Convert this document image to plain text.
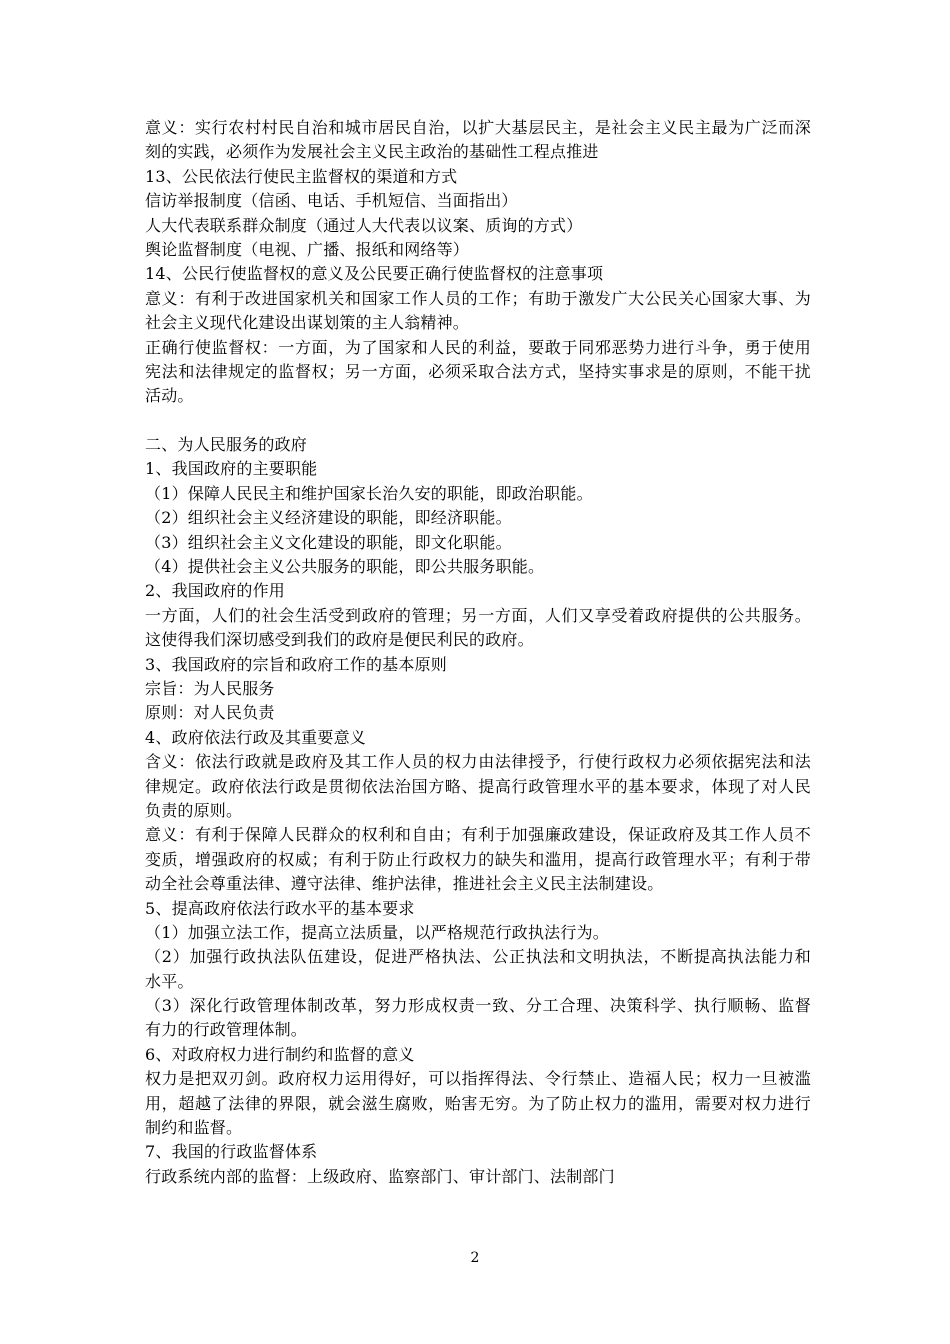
意义：实行农村村民自治和城市居民自治，以扩大基层民主，是社会主义民主最为广泛而深
刻的实践，必须作为发展社会主义民主政治的基础性工程点推进
13、公民依法行使民主监督权的渠道和方式
信访举报制度（信函、电话、手机短信、当面指出）
人大代表联系群众制度（通过人大代表以议案、质询的方式）
舆论监督制度（电视、广播、报纸和网络等）
14、公民行使监督权的意义及公民要正确行使监督权的注意事项
意义：有利于改进国家机关和国家工作人员的工作；有助于激发广大公民关心国家大事、为
社会主义现代化建设出谋划策的主人翁精神。
正确行使监督权：一方面，为了国家和人民的利益，要敢于同邪恶势力进行斗争，勇于使用
宪法和法律规定的监督权；另一方面，必须采取合法方式，坚持实事求是的原则，不能干扰
活动。
二、为人民服务的政府
1、我国政府的主要职能
（1）保障人民民主和维护国家长治久安的职能，即政治职能。
（2）组织社会主义经济建设的职能，即经济职能。
（3）组织社会主义文化建设的职能，即文化职能。
（4）提供社会主义公共服务的职能，即公共服务职能。
2、我国政府的作用
一方面，人们的社会生活受到政府的管理；另一方面，人们又享受着政府提供的公共服务。
这使得我们深切感受到我们的政府是便民利民的政府。
3、我国政府的宗旨和政府工作的基本原则
宗旨：为人民服务
原则：对人民负责
4、政府依法行政及其重要意义
含义：依法行政就是政府及其工作人员的权力由法律授予，行使行政权力必须依据宪法和法
律规定。政府依法行政是贯彻依法治国方略、提高行政管理水平的基本要求，体现了对人民
负责的原则。
意义：有利于保障人民群众的权利和自由；有利于加强廉政建设，保证政府及其工作人员不
变质，增强政府的权威；有利于防止行政权力的缺失和滥用，提高行政管理水平；有利于带
动全社会尊重法律、遵守法律、维护法律，推进社会主义民主法制建设。
5、提高政府依法行政水平的基本要求
（1）加强立法工作，提高立法质量，以严格规范行政执法行为。
（2）加强行政执法队伍建设，促进严格执法、公正执法和文明执法，不断提高执法能力和
水平。
（3）深化行政管理体制改革，努力形成权责一致、分工合理、决策科学、执行顺畅、监督
有力的行政管理体制。
6、对政府权力进行制约和监督的意义
权力是把双刃剑。政府权力运用得好，可以指挥得法、令行禁止、造福人民；权力一旦被滥
用，超越了法律的界限，就会滋生腐败，贻害无穷。为了防止权力的滥用，需要对权力进行
制约和监督。
7、我国的行政监督体系
行政系统内部的监督：上级政府、监察部门、审计部门、法制部门
2
